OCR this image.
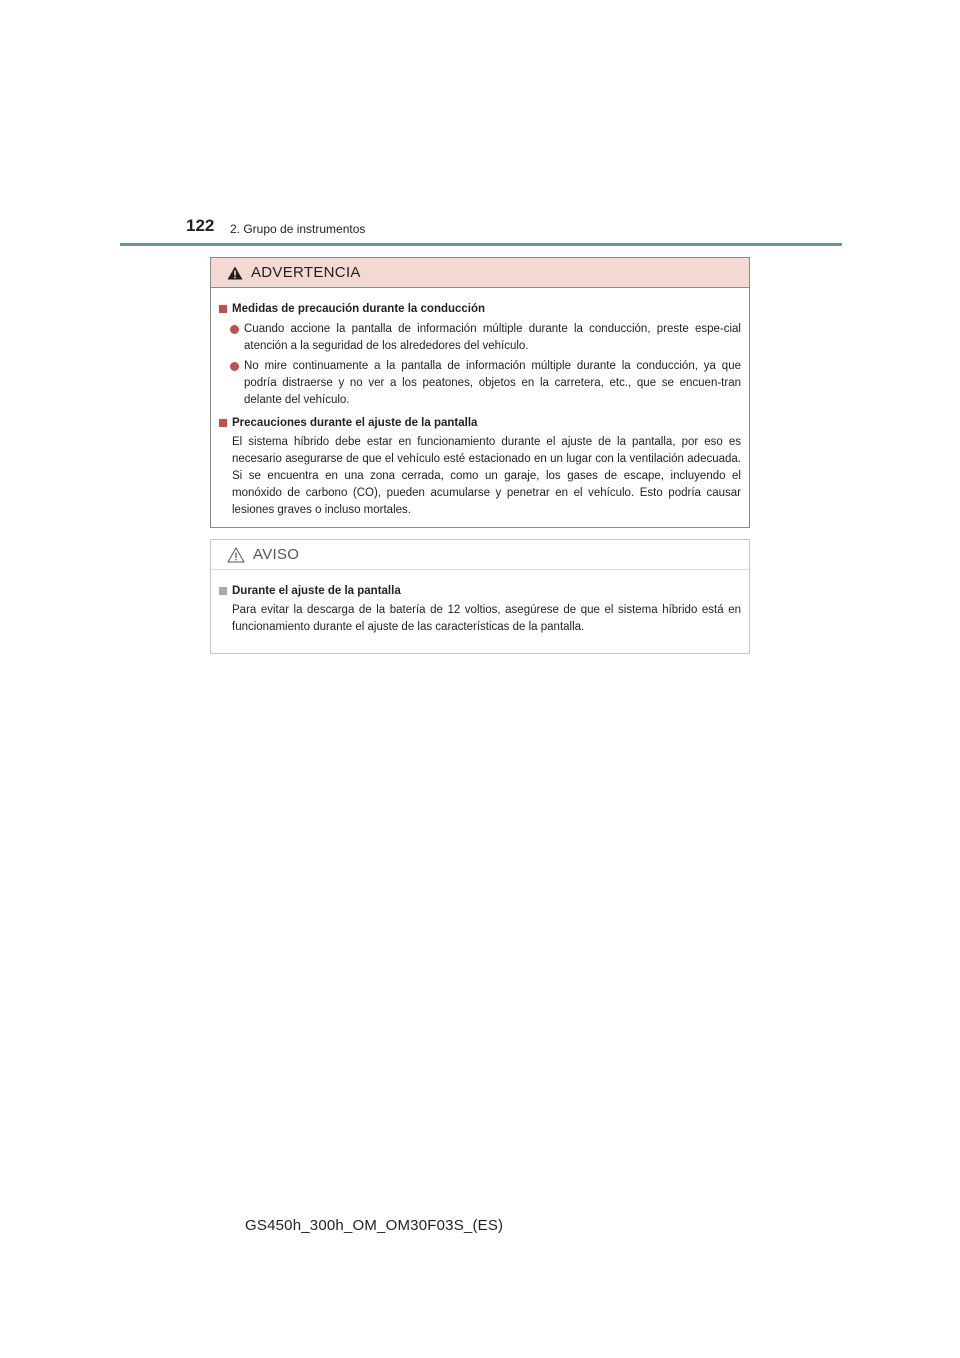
122 2. Grupo de instrumentos
ADVERTENCIA
Medidas de precaución durante la conducción
Cuando accione la pantalla de información múltiple durante la conducción, preste espe-cial atención a la seguridad de los alrededores del vehículo.
No mire continuamente a la pantalla de información múltiple durante la conducción, ya que podría distraerse y no ver a los peatones, objetos en la carretera, etc., que se encuen-tran delante del vehículo.
Precauciones durante el ajuste de la pantalla
El sistema híbrido debe estar en funcionamiento durante el ajuste de la pantalla, por eso es necesario asegurarse de que el vehículo esté estacionado en un lugar con la ventilación adecuada. Si se encuentra en una zona cerrada, como un garaje, los gases de escape, incluyendo el monóxido de carbono (CO), pueden acumularse y penetrar en el vehículo. Esto podría causar lesiones graves o incluso mortales.
AVISO
Durante el ajuste de la pantalla
Para evitar la descarga de la batería de 12 voltios, asegúrese de que el sistema híbrido está en funcionamiento durante el ajuste de las características de la pantalla.
GS450h_300h_OM_OM30F03S_(ES)
